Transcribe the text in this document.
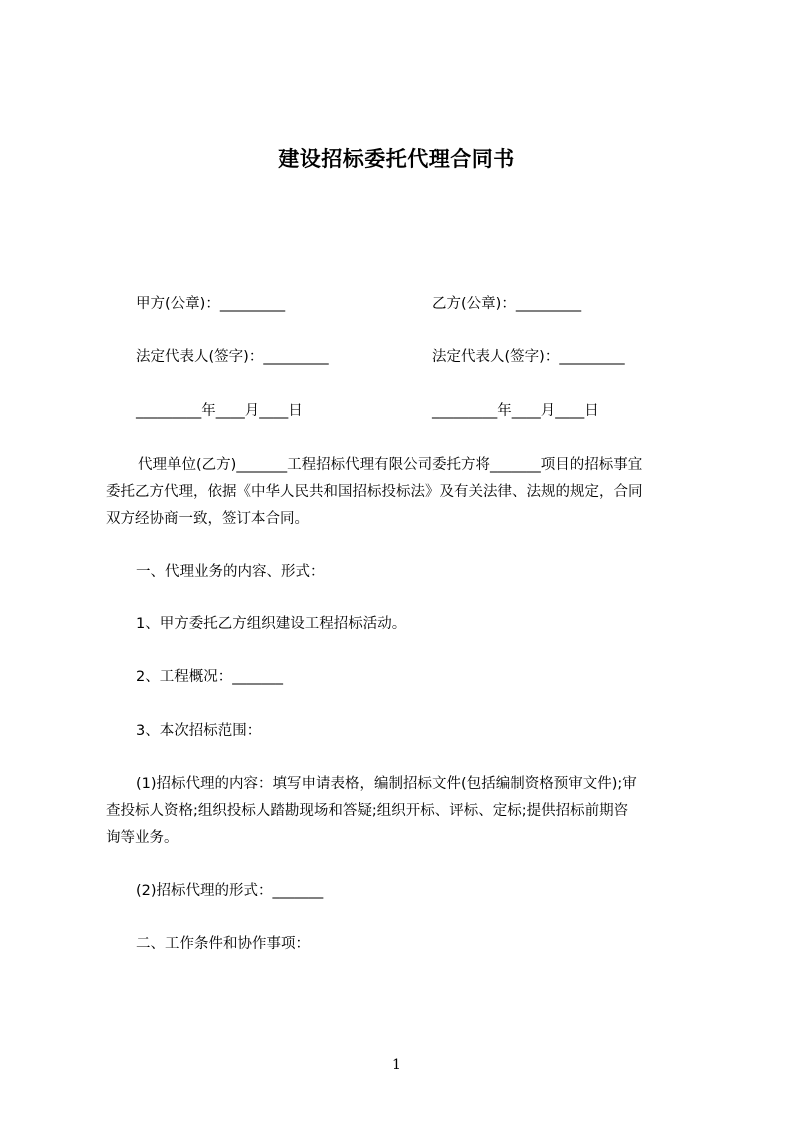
建设招标委托代理合同书
甲方(公章)：_________	乙方(公章)：_________
法定代表人(签字)：_________	法定代表人(签字)：_________
_________年____月____日	_________年____月____日
代理单位(乙方)_______工程招标代理有限公司委托方将_______项目的招标事宜
委托乙方代理，依据《中华人民共和国招标投标法》及有关法律、法规的规定，合同
双方经协商一致，签订本合同。
一、代理业务的内容、形式：
1、甲方委托乙方组织建设工程招标活动。
2、工程概况：_______
3、本次招标范围：
(1)招标代理的内容：填写申请表格，编制招标文件(包括编制资格预审文件);审
查投标人资格;组织投标人踏勘现场和答疑;组织开标、评标、定标;提供招标前期咨
询等业务。
(2)招标代理的形式：_______
二、工作条件和协作事项：
1
